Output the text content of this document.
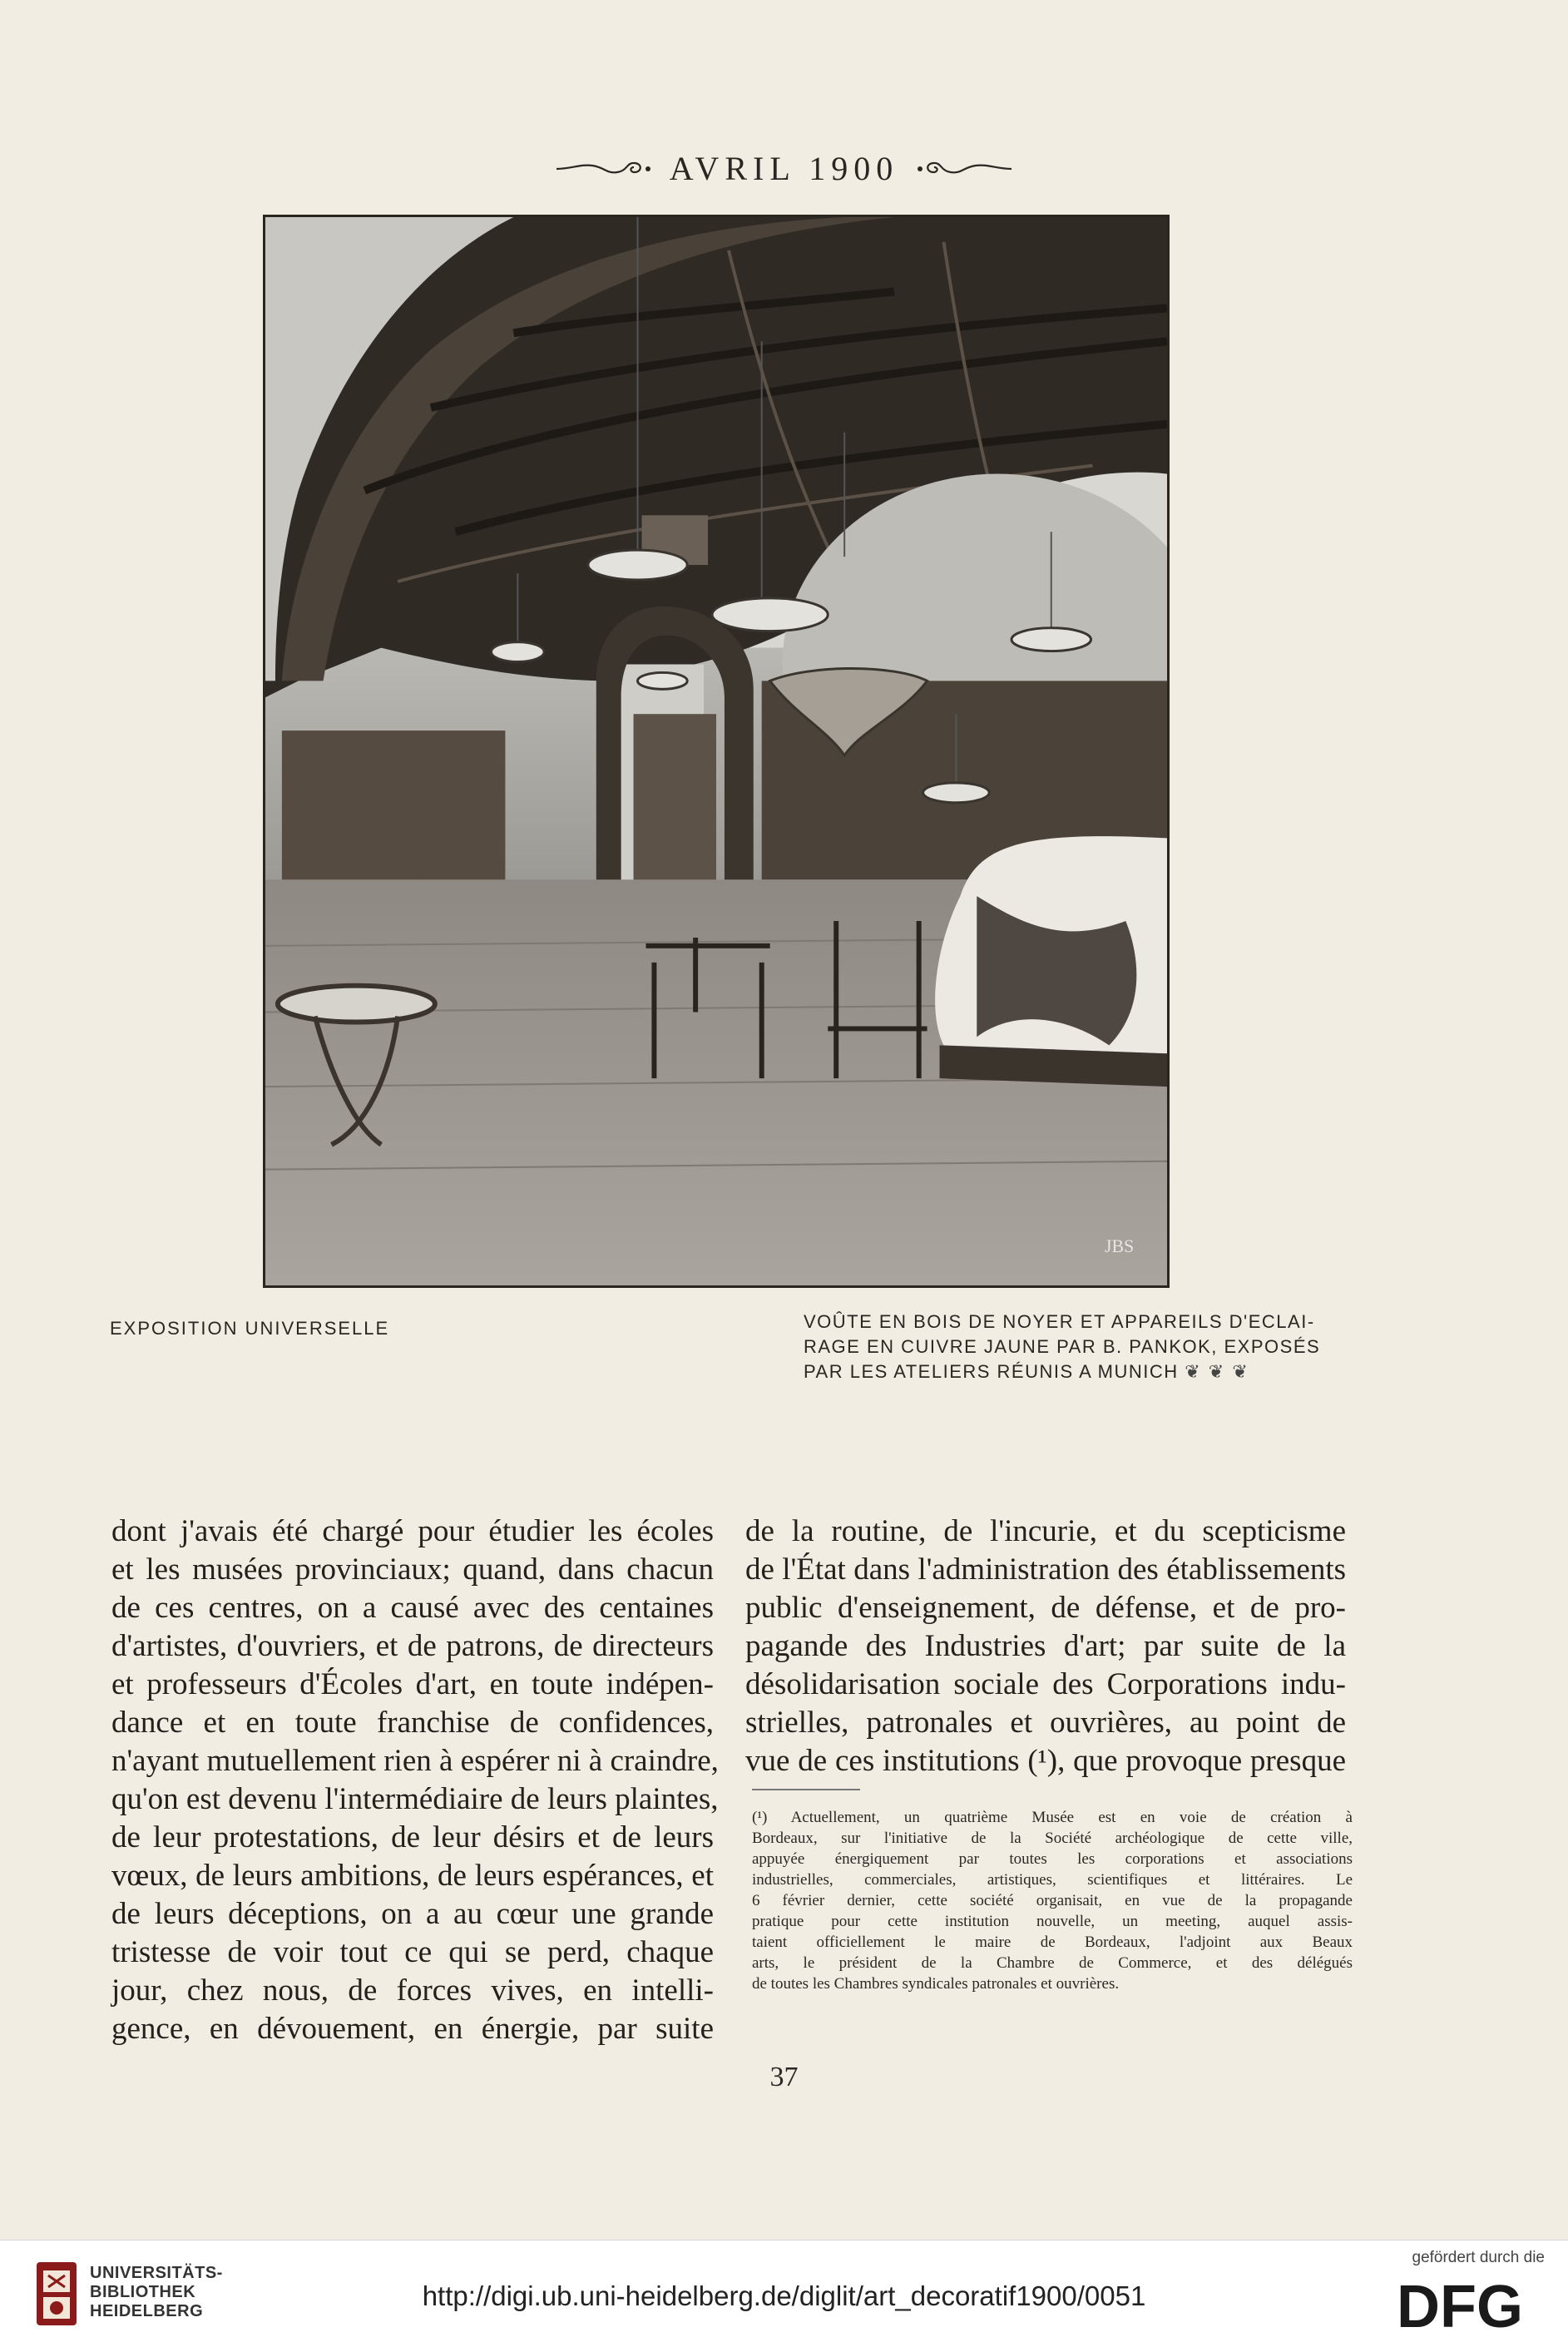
AVRIL 1900
JBS
EXPOSITION UNIVERSELLE	VOÛTE EN BOIS DE NOYER ET APPAREILS D'ECLAI-
RAGE EN CUIVRE JAUNE PAR B. PANKOK, EXPOSÉS
PAR LES ATELIERS RÉUNIS A MUNICH ❦ ❦ ❦
dont j'avais été chargé pour étudier les écoles
et les musées provinciaux; quand, dans chacun
de ces centres, on a causé avec des centaines
d'artistes, d'ouvriers, et de patrons, de directeurs
et professeurs d'Écoles d'art, en toute indépen-
dance et en toute franchise de confidences,
n'ayant mutuellement rien à espérer ni à craindre,
qu'on est devenu l'intermédiaire de leurs plaintes,
de leur protestations, de leur désirs et de leurs
vœux, de leurs ambitions, de leurs espérances, et
de leurs déceptions, on a au cœur une grande
tristesse de voir tout ce qui se perd, chaque
jour, chez nous, de forces vives, en intelli-
gence, en dévouement, en énergie, par suite
de la routine, de l'incurie, et du scepticisme
de l'État dans l'administration des établissements
public d'enseignement, de défense, et de pro-
pagande des Industries d'art; par suite de la
désolidarisation sociale des Corporations indu-
strielles, patronales et ouvrières, au point de
vue de ces institutions (¹), que provoque presque
(¹) Actuellement, un quatrième Musée est en voie de création à
Bordeaux, sur l'initiative de la Société archéologique de cette ville,
appuyée énergiquement par toutes les corporations et associations
industrielles, commerciales, artistiques, scientifiques et littéraires. Le
6 février dernier, cette société organisait, en vue de la propagande
pratique pour cette institution nouvelle, un meeting, auquel assis-
taient officiellement le maire de Bordeaux, l'adjoint aux Beaux
arts, le président de la Chambre de Commerce, et des délégués
de toutes les Chambres syndicales patronales et ouvrières.
37
UNIVERSITÄTS-
BIBLIOTHEK
HEIDELBERG	http://digi.ub.uni-heidelberg.de/diglit/art_decoratif1900/0051
gefördert durch die
DFG
